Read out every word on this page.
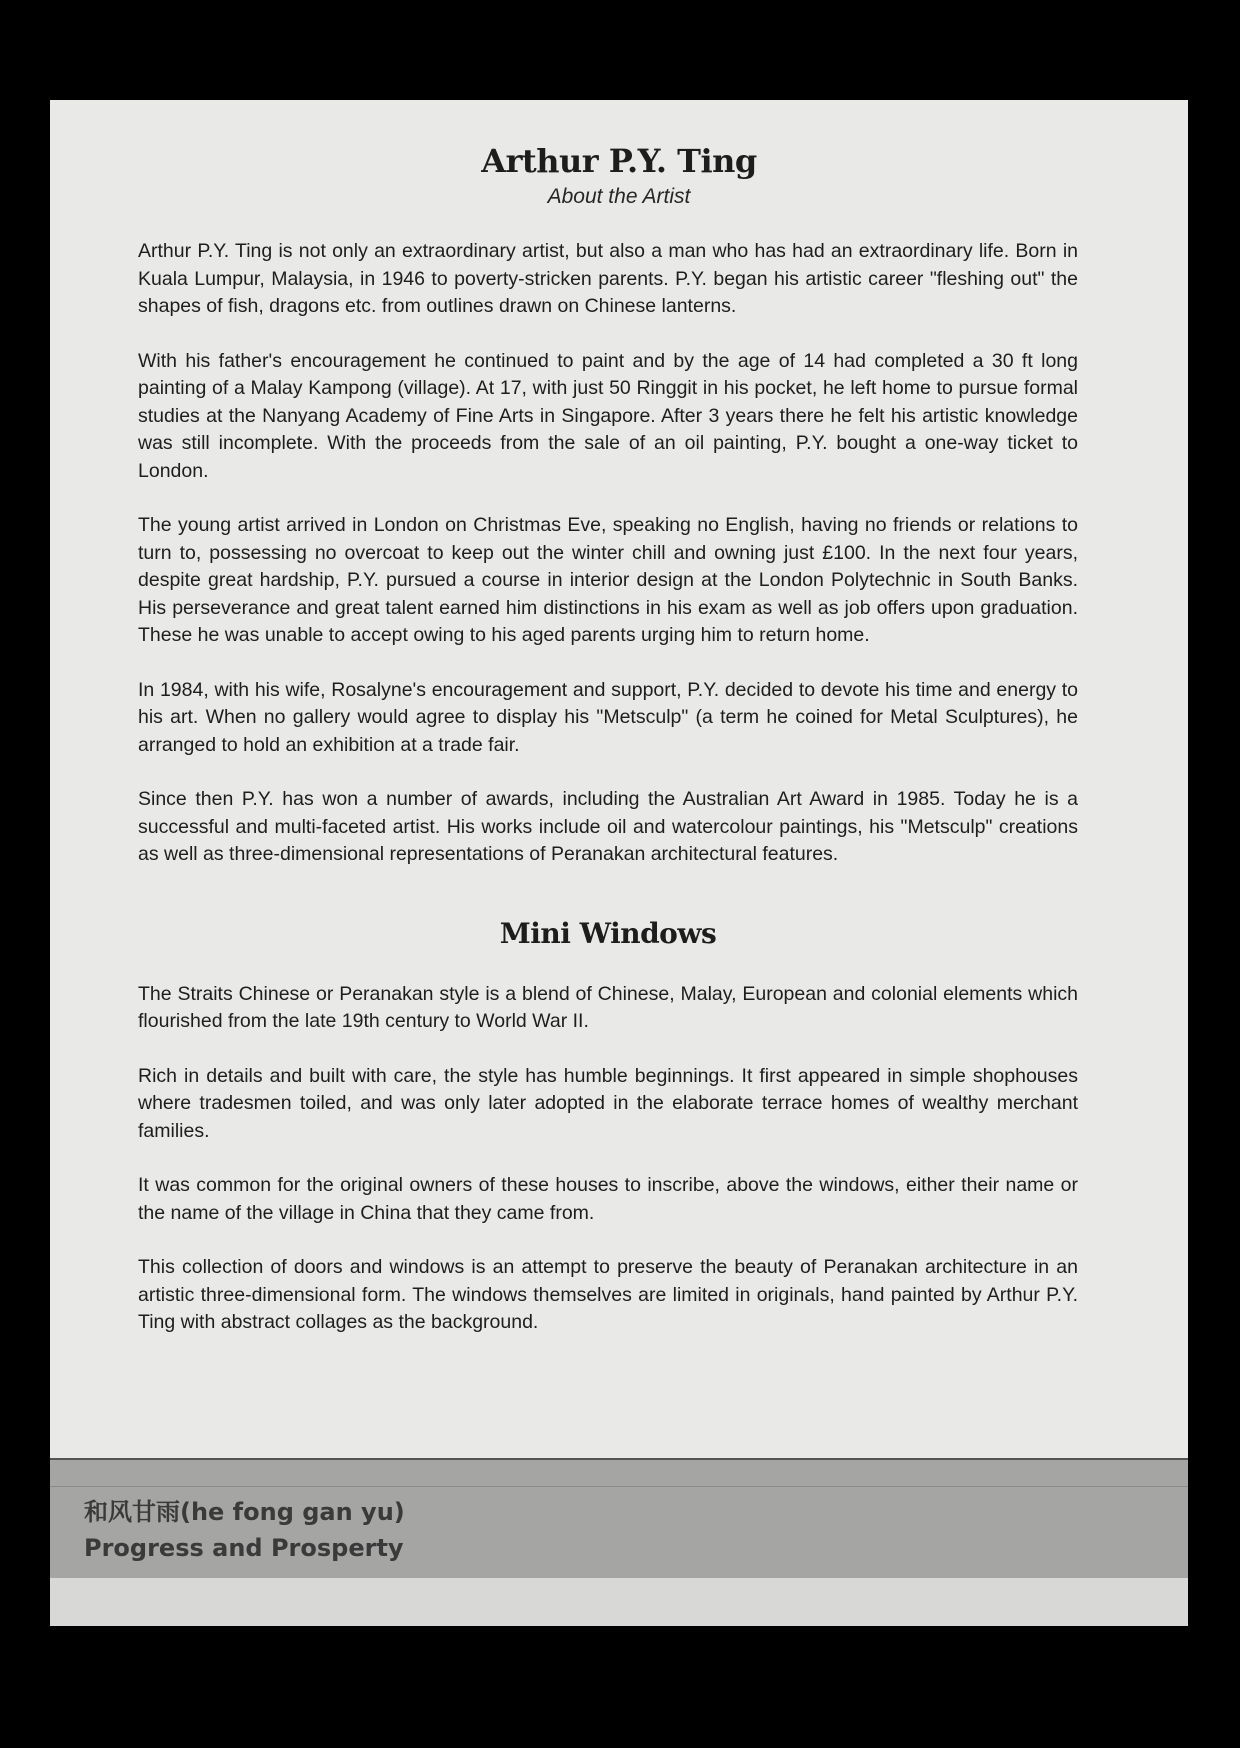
Arthur P.Y. Ting
About the Artist

Arthur P.Y. Ting is not only an extraordinary artist, but also a man who has had an extraordinary life. Born in Kuala Lumpur, Malaysia, in 1946 to poverty-stricken parents. P.Y. began his artistic career "fleshing out" the shapes of fish, dragons etc. from outlines drawn on Chinese lanterns.

With his father's encouragement he continued to paint and by the age of 14 had completed a 30 ft long painting of a Malay Kampong (village). At 17, with just 50 Ringgit in his pocket, he left home to pursue formal studies at the Nanyang Academy of Fine Arts in Singapore. After 3 years there he felt his artistic knowledge was still incomplete. With the proceeds from the sale of an oil painting, P.Y. bought a one-way ticket to London.

The young artist arrived in London on Christmas Eve, speaking no English, having no friends or relations to turn to, possessing no overcoat to keep out the winter chill and owning just £100. In the next four years, despite great hardship, P.Y. pursued a course in interior design at the London Polytechnic in South Banks. His perseverance and great talent earned him distinctions in his exam as well as job offers upon graduation. These he was unable to accept owing to his aged parents urging him to return home.

In 1984, with his wife, Rosalyne's encouragement and support, P.Y. decided to devote his time and energy to his art. When no gallery would agree to display his "Metsculp" (a term he coined for Metal Sculptures), he arranged to hold an exhibition at a trade fair.

Since then P.Y. has won a number of awards, including the Australian Art Award in 1985. Today he is a successful and multi-faceted artist. His works include oil and watercolour paintings, his "Metsculp" creations as well as three-dimensional representations of Peranakan architectural features.

Mini Windows

The Straits Chinese or Peranakan style is a blend of Chinese, Malay, European and colonial elements which flourished from the late 19th century to World War II.

Rich in details and built with care, the style has humble beginnings. It first appeared in simple shophouses where tradesmen toiled, and was only later adopted in the elaborate terrace homes of wealthy merchant families.

It was common for the original owners of these houses to inscribe, above the windows, either their name or the name of the village in China that they came from.

This collection of doors and windows is an attempt to preserve the beauty of Peranakan architecture in an artistic three-dimensional form. The windows themselves are limited in originals, hand painted by Arthur P.Y. Ting with abstract collages as the background.

和风甘雨(he fong gan yu)
Progress and Prosperty
